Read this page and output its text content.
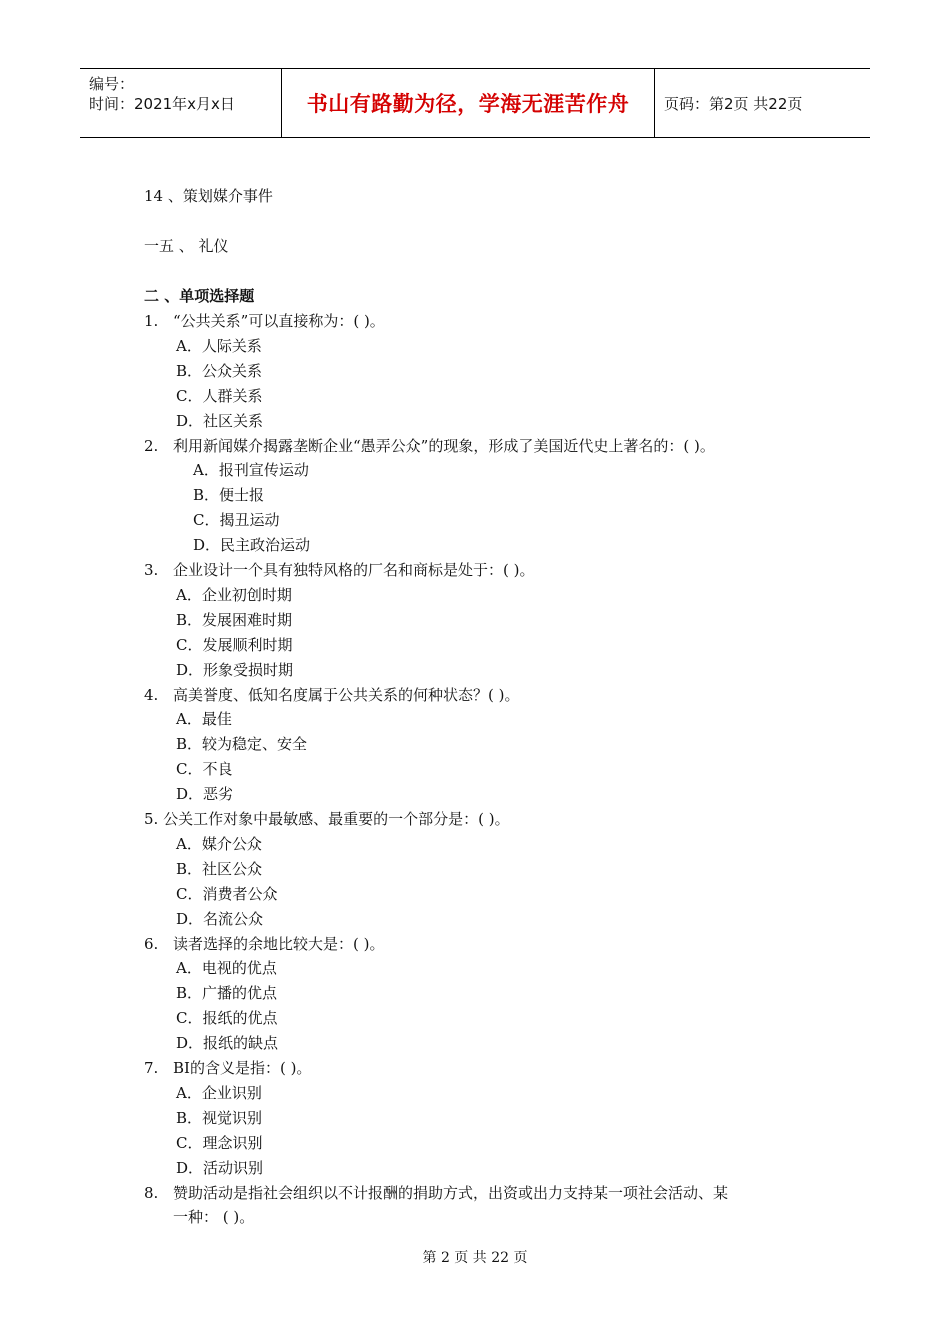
编号：
时间：2021年x月x日	书山有路勤为径，学海无涯苦作舟 页码：第2页 共22页
14 、策划媒介事件
一五 、 礼仪
二 、单项选择题
1. “公共关系”可以直接称为：( )。
A．人际关系
B．公众关系
C．人群关系
D．社区关系
2. 利用新闻媒介揭露垄断企业“愚弄公众”的现象，形成了美国近代史上著名的：( )。
A．报刊宣传运动
B．便士报
C．揭丑运动
D．民主政治运动
3. 企业设计一个具有独特风格的厂名和商标是处于：( )。
A．企业初创时期
B．发展困难时期
C．发展顺利时期
D．形象受损时期
4. 高美誉度、低知名度属于公共关系的何种状态？( )。
A．最佳
B．较为稳定、安全
C．不良
D．恶劣
5. 公关工作对象中最敏感、最重要的一个部分是：( )。
A．媒介公众
B．社区公众
C．消费者公众
D．名流公众
6. 读者选择的余地比较大是：( )。
A．电视的优点
B．广播的优点
C．报纸的优点
D．报纸的缺点
7. BI的含义是指：( )。
A．企业识别
B．视觉识别
C．理念识别
D．活动识别
8. 赞助活动是指社会组织以不计报酬的捐助方式，出资或出力支持某一项社会活动、某
一种： ( )。
第 2 页 共 22 页
